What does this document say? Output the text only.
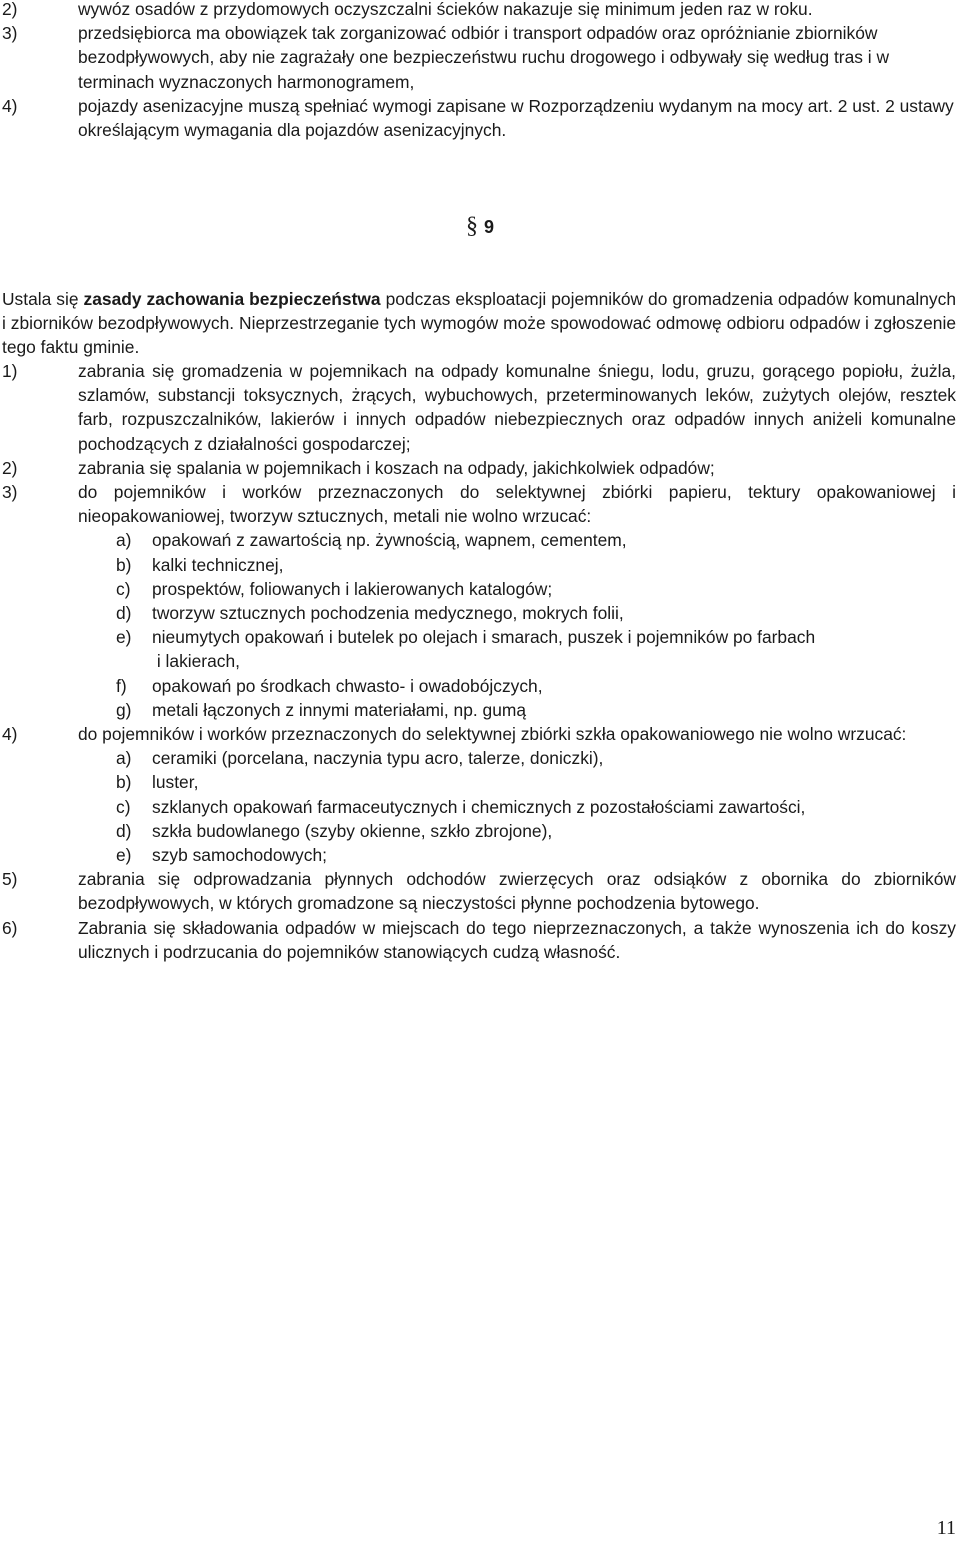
2)	wywóz osadów z przydomowych oczyszczalni ścieków nakazuje się minimum jeden raz w roku.
3)	przedsiębiorca ma obowiązek tak zorganizować odbiór i transport odpadów oraz opróżnianie zbiorników bezodpływowych, aby nie zagrażały one bezpieczeństwu ruchu drogowego i odbywały się według tras i w terminach wyznaczonych harmonogramem,
4)	pojazdy asenizacyjne muszą spełniać wymogi zapisane w Rozporządzeniu wydanym na mocy art. 2 ust. 2 ustawy określającym wymagania dla pojazdów asenizacyjnych.
§ 9
Ustala się zasady zachowania bezpieczeństwa podczas eksploatacji pojemników do gromadzenia odpadów komunalnych i zbiorników bezodpływowych. Nieprzestrzeganie tych wymogów może spowodować odmowę odbioru odpadów i zgłoszenie tego faktu gminie.
1)	zabrania się gromadzenia w pojemnikach na odpady komunalne śniegu, lodu, gruzu, gorącego popiołu, żużla, szlamów, substancji toksycznych, żrących, wybuchowych, przeterminowanych leków, zużytych olejów, resztek farb, rozpuszczalników, lakierów i innych odpadów niebezpiecznych oraz odpadów innych aniżeli komunalne pochodzących z działalności gospodarczej;
2)	zabrania się spalania w pojemnikach i koszach na odpady, jakichkolwiek odpadów;
3)	do pojemników i worków przeznaczonych do selektywnej zbiórki papieru, tektury opakowaniowej i nieopakowaniowej, tworzyw sztucznych, metali nie wolno wrzucać:
a) opakowań z zawartością np. żywnością, wapnem, cementem,
b) kalki technicznej,
c) prospektów, foliowanych i lakierowanych katalogów;
d) tworzyw sztucznych pochodzenia medycznego, mokrych folii,
e) nieumytych opakowań i butelek po olejach i smarach, puszek i pojemników po farbach
i lakierach,
f) opakowań po środkach chwasto- i owadobójczych,
g) metali łączonych z innymi materiałami, np. gumą
4)	do pojemników i worków przeznaczonych do selektywnej zbiórki szkła opakowaniowego nie wolno wrzucać:
a) ceramiki (porcelana, naczynia typu acro, talerze, doniczki),
b) luster,
c) szklanych opakowań farmaceutycznych i chemicznych z pozostałościami zawartości,
d) szkła budowlanego (szyby okienne, szkło zbrojone),
e) szyb samochodowych;
5)	zabrania się odprowadzania płynnych odchodów zwierzęcych oraz odsiąków z obornika do zbiorników bezodpływowych, w których gromadzone są nieczystości płynne pochodzenia bytowego.
6)	Zabrania się składowania odpadów w miejscach do tego nieprzeznaczonych, a także wynoszenia ich do koszy ulicznych i podrzucania do pojemników stanowiących cudzą własność.
11
